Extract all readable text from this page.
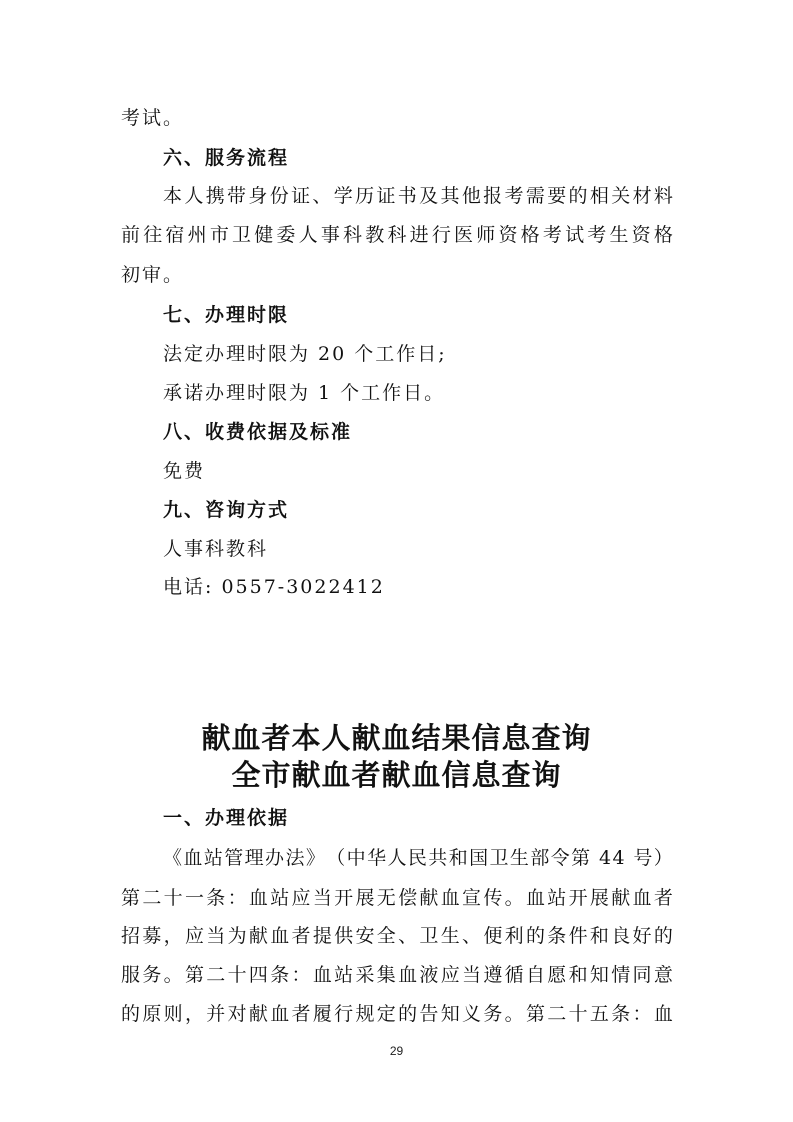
考试。
六、服务流程
本 人 携 带 身 份 证 、 学 历 证 书 及 其 他 报 考 需 要 的 相 关 材 料
前 往 宿 州 市 卫 健 委 人 事 科 教 科 进 行 医 师 资 格 考 试 考 生 资 格
初审。
七、办理时限
法定办理时限为 20 个工作日;
承诺办理时限为 1 个工作日。
八、收费依据及标准
免费
九、咨询方式
人事科教科
电话: 0557-3022412
献血者本人献血结果信息查询
全市献血者献血信息查询
一、办理依据
《 血 站 管 理 办 法 》 （ 中 华 人 民 共 和 国 卫 生 部 令 第
4 4
号 ）
第 二 十 一 条 ： 血 站 应 当 开 展 无 偿 献 血 宣 传 。 血 站 开 展 献 血 者
招 募 ， 应 当 为 献 血 者 提 供 安 全 、 卫 生 、 便 利 的 条 件 和 良 好 的
服 务 。 第 二 十 四 条 ： 血 站 采 集 血 液 应 当 遵 循 自 愿 和 知 情 同 意
的 原 则 ， 并 对 献 血 者 履 行 规 定 的 告 知 义 务 。 第 二 十 五 条 ： 血
29
